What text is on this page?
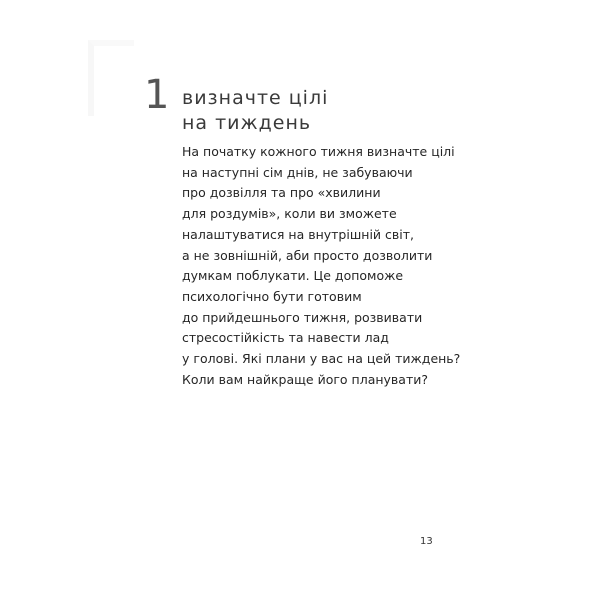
1 визначте цілі
на тиждень

На початку кожного тижня визначте цілі
на наступні сім днів, не забуваючи
про дозвілля та про «хвилини
для роздумів», коли ви зможете
налаштуватися на внутрішній світ,
а не зовнішній, аби просто дозволити
думкам поблукати. Це допоможе
психологічно бути готовим
до прийдешнього тижня, розвивати
стресостійкість та навести лад
у голові. Які плани у вас на цей тиждень?
Коли вам найкраще його планувати?

13
